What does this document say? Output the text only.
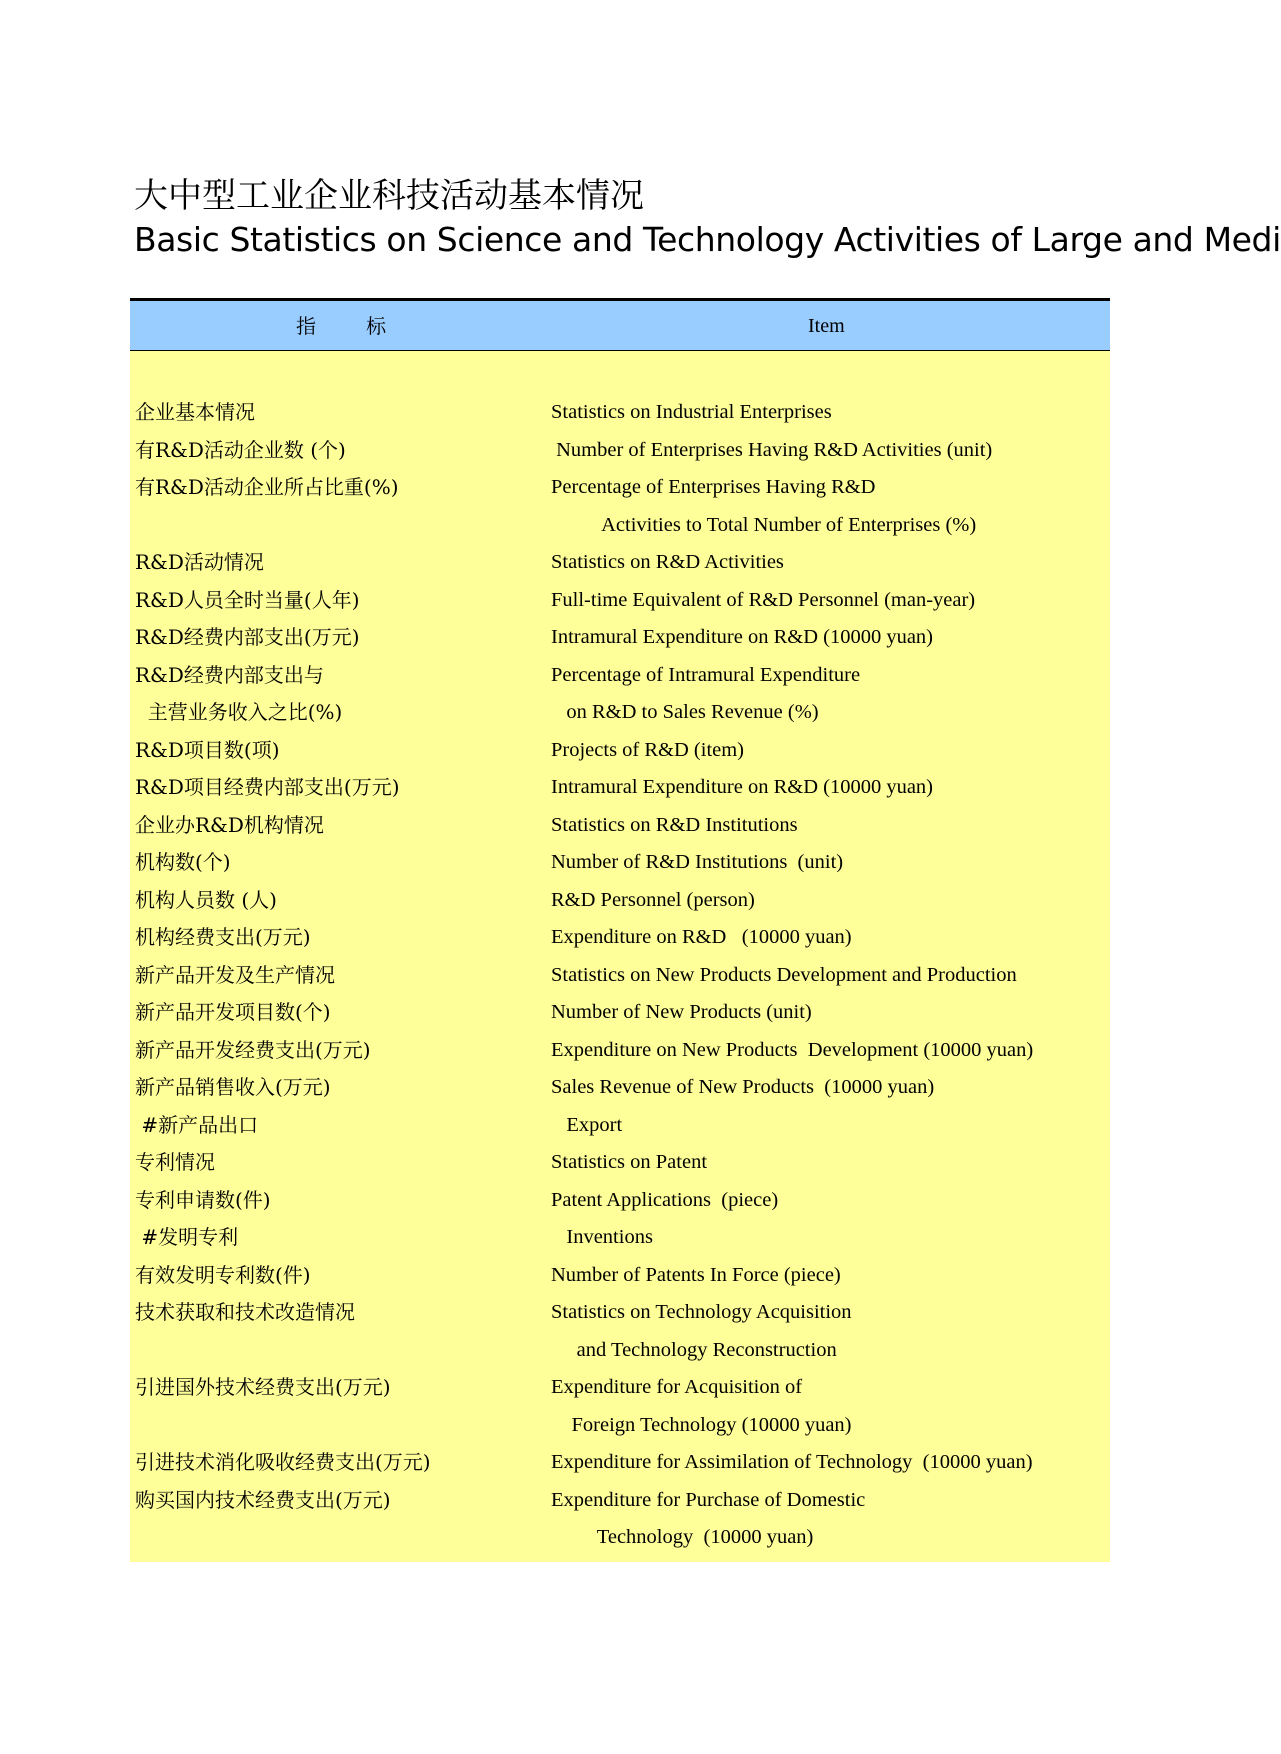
大中型工业企业科技活动基本情况
Basic Statistics on Science and Technology Activities of Large and Medi
指      标	Item
企业基本情况	Statistics on Industrial Enterprises
有R&D活动企业数 (个)	Number of Enterprises Having R&D Activities (unit)
有R&D活动企业所占比重(%)	Percentage of Enterprises Having R&D
Activities to Total Number of Enterprises (%)
R&D活动情况	Statistics on R&D Activities
R&D人员全时当量(人年)	Full-time Equivalent of R&D Personnel (man-year)
R&D经费内部支出(万元)	Intramural Expenditure on R&D (10000 yuan)
R&D经费内部支出与	Percentage of Intramural Expenditure
主营业务收入之比(%)	on R&D to Sales Revenue (%)
R&D项目数(项)	Projects of R&D (item)
R&D项目经费内部支出(万元)	Intramural Expenditure on R&D (10000 yuan)
企业办R&D机构情况	Statistics on R&D Institutions
机构数(个)	Number of R&D Institutions  (unit)
机构人员数 (人)	R&D Personnel (person)
机构经费支出(万元)	Expenditure on R&D   (10000 yuan)
新产品开发及生产情况	Statistics on New Products Development and Production
新产品开发项目数(个)	Number of New Products (unit)
新产品开发经费支出(万元)	Expenditure on New Products  Development (10000 yuan)
新产品销售收入(万元)	Sales Revenue of New Products  (10000 yuan)
#新产品出口	Export
专利情况	Statistics on Patent
专利申请数(件)	Patent Applications  (piece)
#发明专利	Inventions
有效发明专利数(件)	Number of Patents In Force (piece)
技术获取和技术改造情况	Statistics on Technology Acquisition
and Technology Reconstruction
引进国外技术经费支出(万元)	Expenditure for Acquisition of
Foreign Technology (10000 yuan)
引进技术消化吸收经费支出(万元)	Expenditure for Assimilation of Technology  (10000 yuan)
购买国内技术经费支出(万元)	Expenditure for Purchase of Domestic
Technology  (10000 yuan)
